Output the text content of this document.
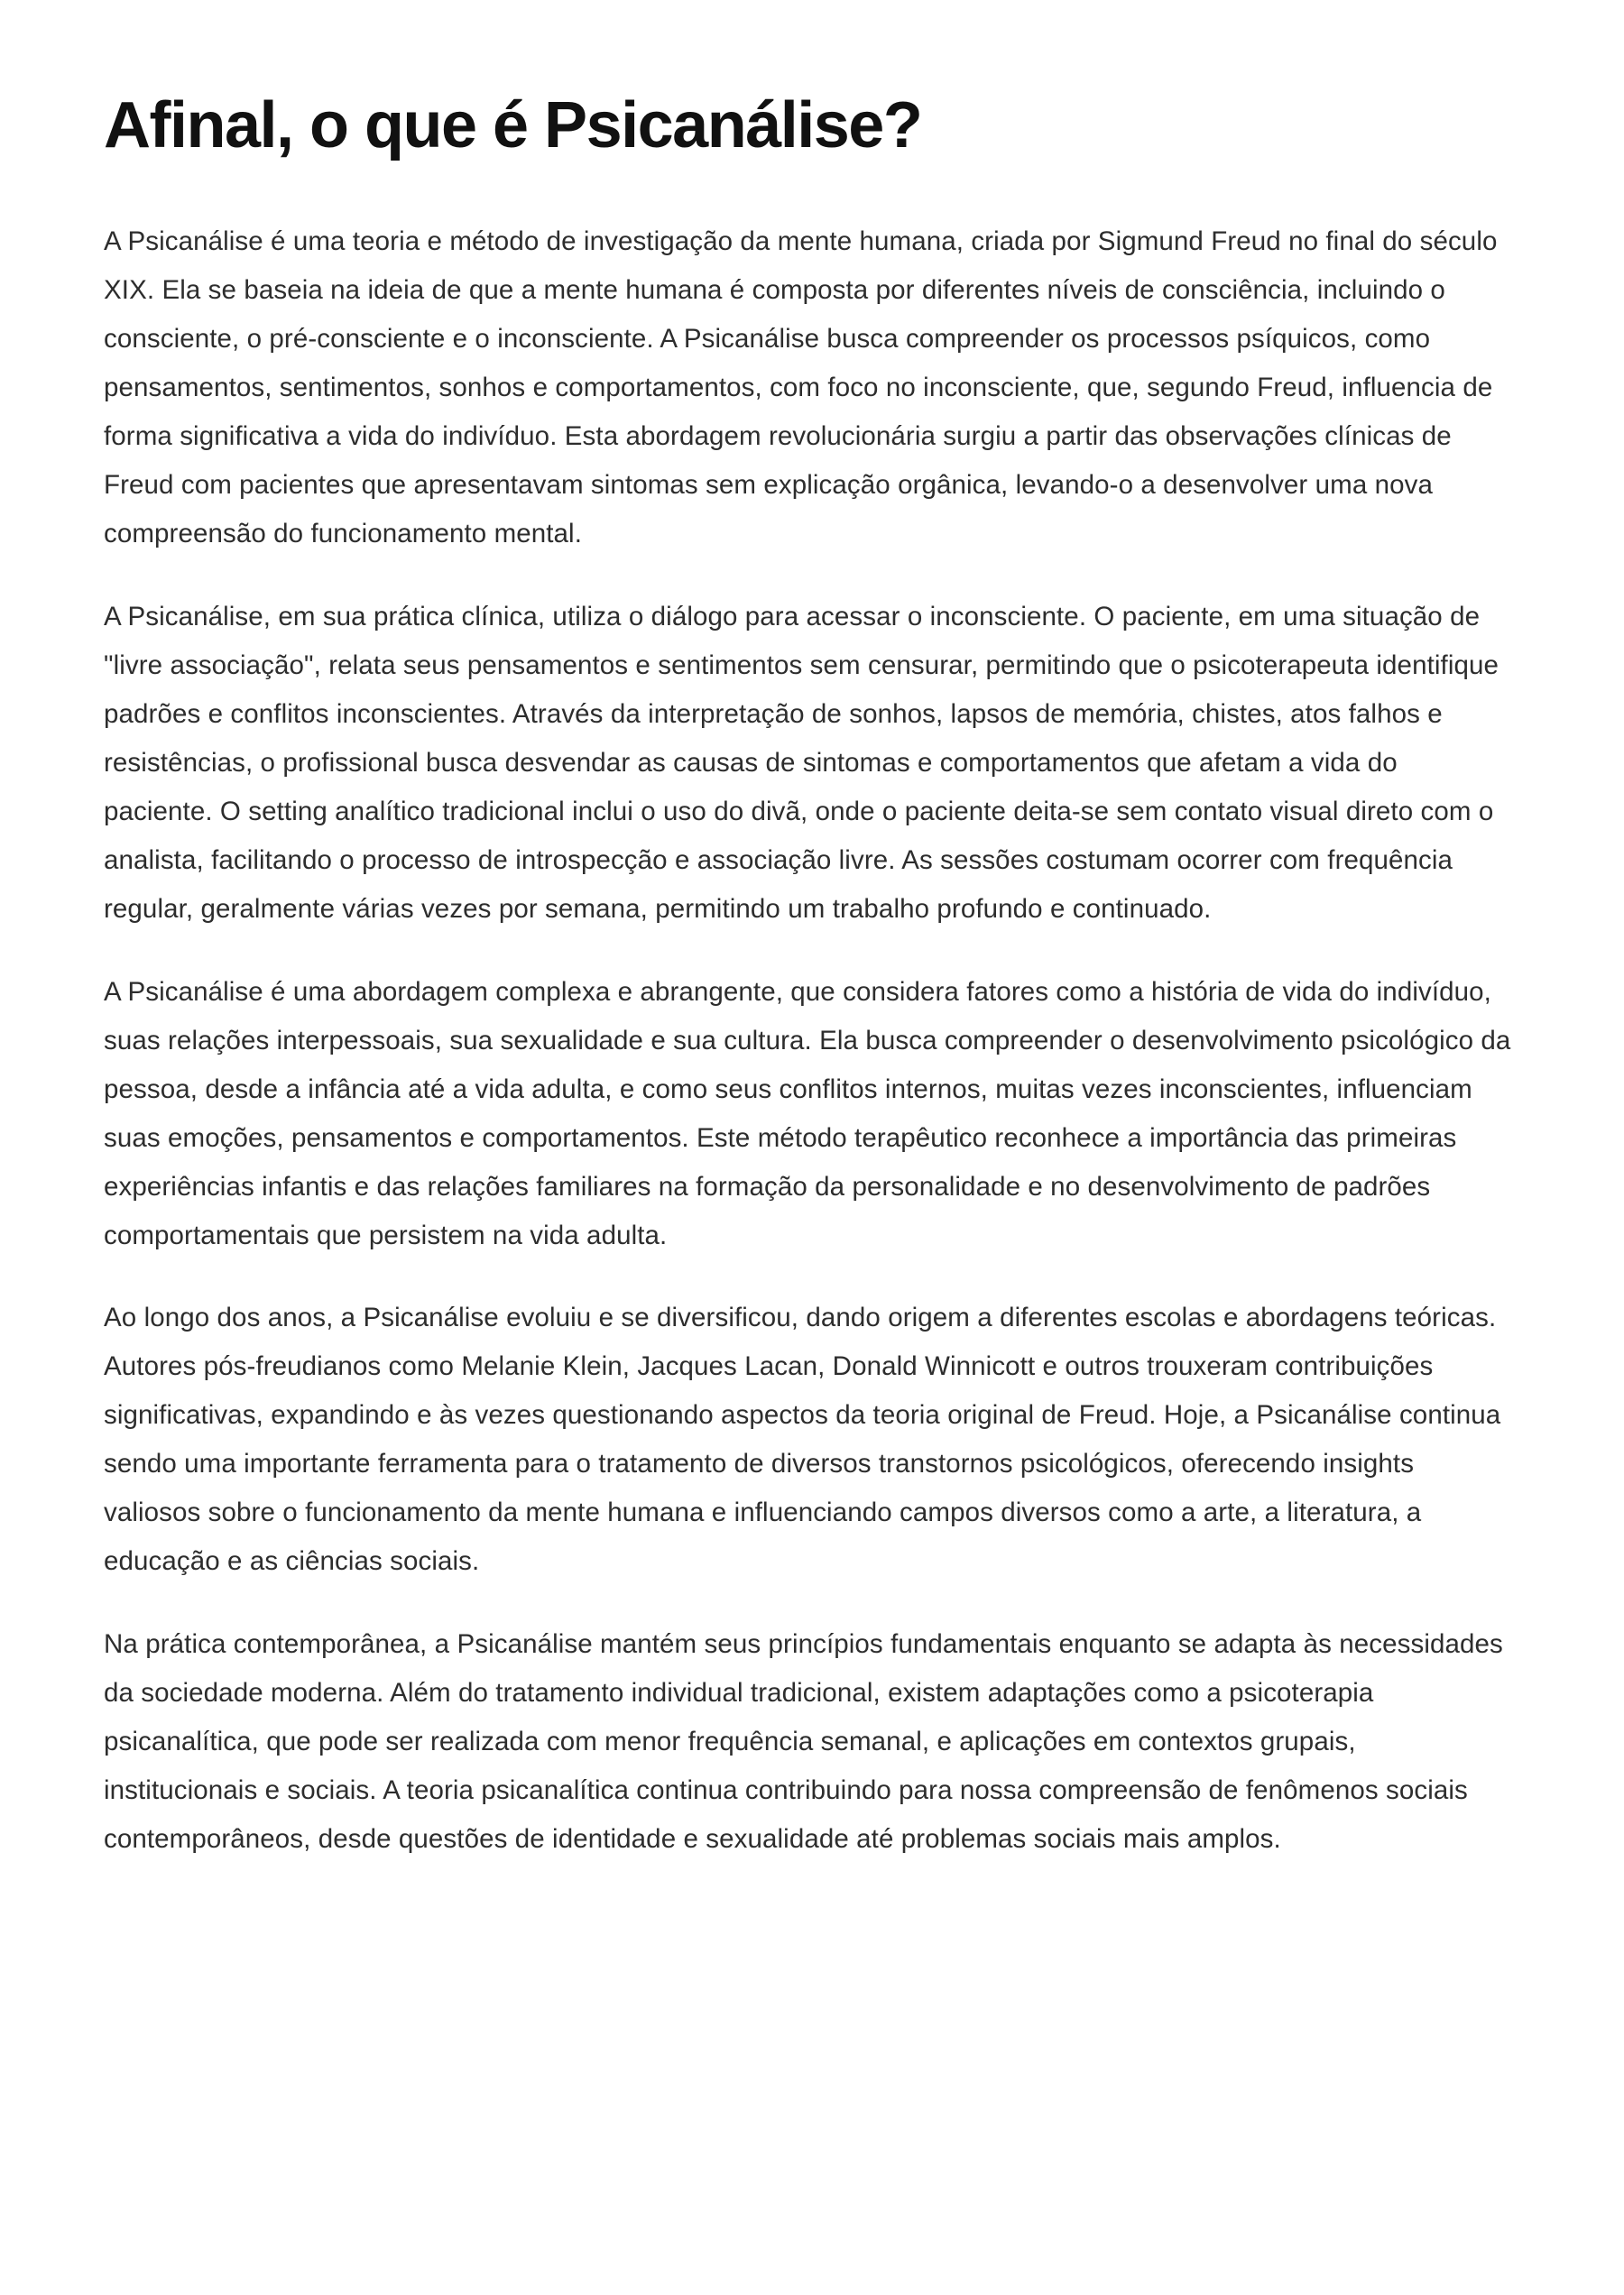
Afinal, o que é Psicanálise?

A Psicanálise é uma teoria e método de investigação da mente humana, criada por Sigmund Freud no final do século XIX. Ela se baseia na ideia de que a mente humana é composta por diferentes níveis de consciência, incluindo o consciente, o pré-consciente e o inconsciente. A Psicanálise busca compreender os processos psíquicos, como pensamentos, sentimentos, sonhos e comportamentos, com foco no inconsciente, que, segundo Freud, influencia de forma significativa a vida do indivíduo. Esta abordagem revolucionária surgiu a partir das observações clínicas de Freud com pacientes que apresentavam sintomas sem explicação orgânica, levando-o a desenvolver uma nova compreensão do funcionamento mental.

A Psicanálise, em sua prática clínica, utiliza o diálogo para acessar o inconsciente. O paciente, em uma situação de "livre associação", relata seus pensamentos e sentimentos sem censurar, permitindo que o psicoterapeuta identifique padrões e conflitos inconscientes. Através da interpretação de sonhos, lapsos de memória, chistes, atos falhos e resistências, o profissional busca desvendar as causas de sintomas e comportamentos que afetam a vida do paciente. O setting analítico tradicional inclui o uso do divã, onde o paciente deita-se sem contato visual direto com o analista, facilitando o processo de introspecção e associação livre. As sessões costumam ocorrer com frequência regular, geralmente várias vezes por semana, permitindo um trabalho profundo e continuado.

A Psicanálise é uma abordagem complexa e abrangente, que considera fatores como a história de vida do indivíduo, suas relações interpessoais, sua sexualidade e sua cultura. Ela busca compreender o desenvolvimento psicológico da pessoa, desde a infância até a vida adulta, e como seus conflitos internos, muitas vezes inconscientes, influenciam suas emoções, pensamentos e comportamentos. Este método terapêutico reconhece a importância das primeiras experiências infantis e das relações familiares na formação da personalidade e no desenvolvimento de padrões comportamentais que persistem na vida adulta.

Ao longo dos anos, a Psicanálise evoluiu e se diversificou, dando origem a diferentes escolas e abordagens teóricas. Autores pós-freudianos como Melanie Klein, Jacques Lacan, Donald Winnicott e outros trouxeram contribuições significativas, expandindo e às vezes questionando aspectos da teoria original de Freud. Hoje, a Psicanálise continua sendo uma importante ferramenta para o tratamento de diversos transtornos psicológicos, oferecendo insights valiosos sobre o funcionamento da mente humana e influenciando campos diversos como a arte, a literatura, a educação e as ciências sociais.

Na prática contemporânea, a Psicanálise mantém seus princípios fundamentais enquanto se adapta às necessidades da sociedade moderna. Além do tratamento individual tradicional, existem adaptações como a psicoterapia psicanalítica, que pode ser realizada com menor frequência semanal, e aplicações em contextos grupais, institucionais e sociais. A teoria psicanalítica continua contribuindo para nossa compreensão de fenômenos sociais contemporâneos, desde questões de identidade e sexualidade até problemas sociais mais amplos.
